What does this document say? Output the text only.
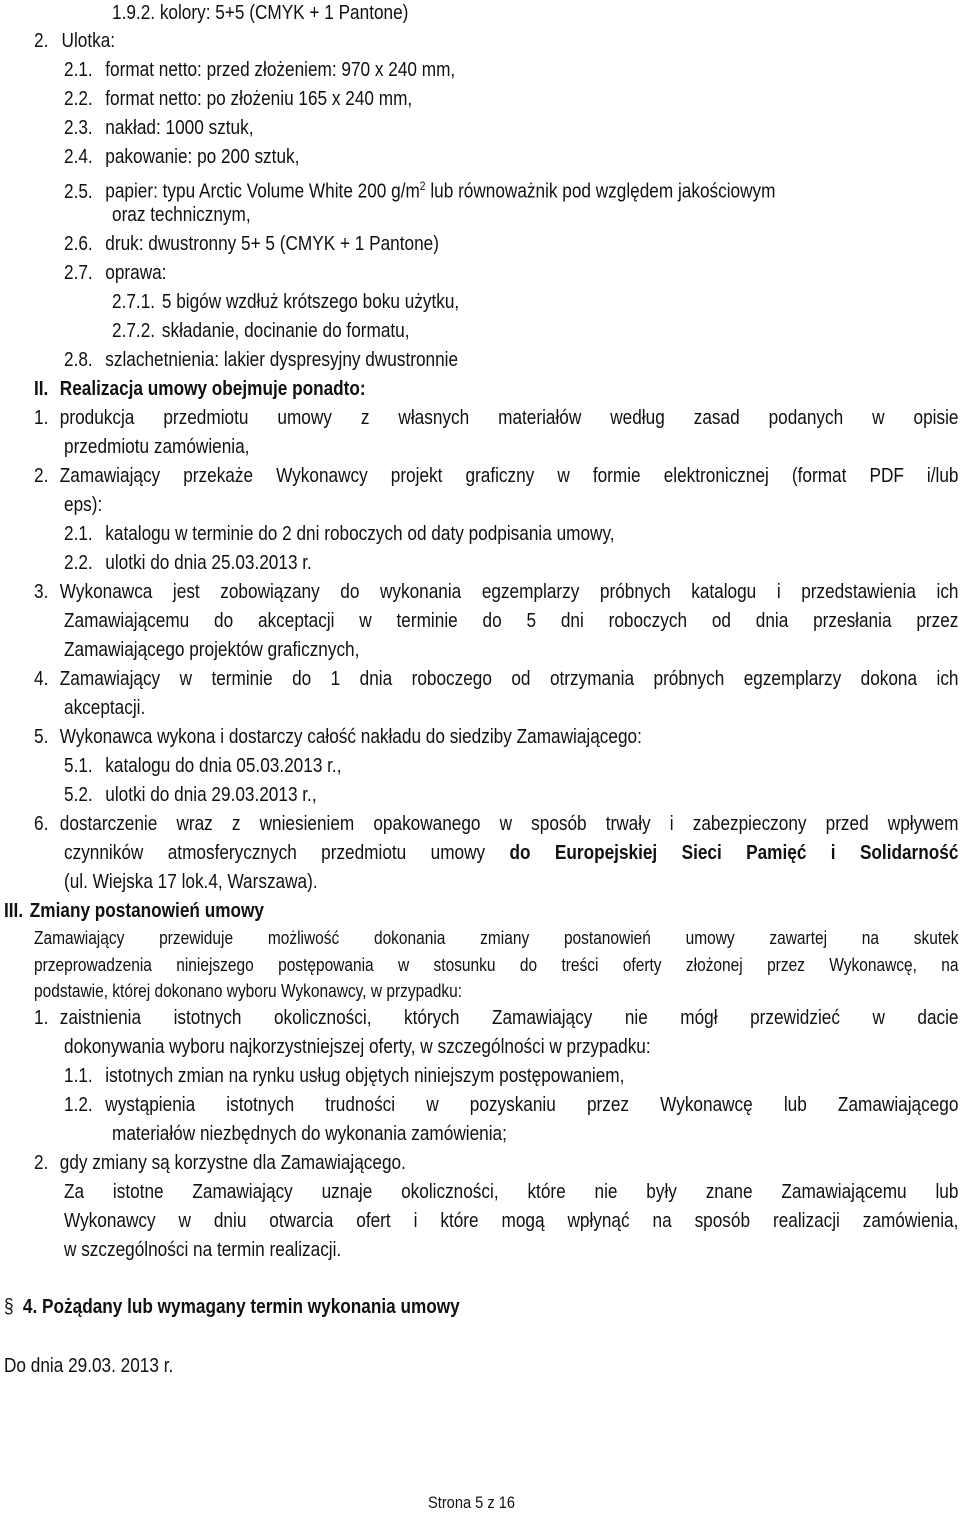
1.9.2. kolory: 5+5 (CMYK + 1 Pantone)
2. Ulotka:
2.1. format netto: przed złożeniem: 970 x 240 mm,
2.2. format netto: po złożeniu 165 x 240 mm,
2.3. nakład: 1000 sztuk,
2.4. pakowanie: po 200 sztuk,
2.5. papier: typu Arctic Volume White 200 $g/m^2$ lub równoważnik pod względem jakościowym
oraz technicznym,
2.6. druk: dwustronny 5+ 5 (CMYK + 1 Pantone)
2.7. oprawa:
2.7.1. 5 bigów wzdłuż krótszego boku użytku,
2.7.2. składanie, docinanie do formatu,
2.8. szlachetnienia: lakier dyspresyjny dwustronnie
II. Realizacja umowy obejmuje ponadto:
1. produkcja przedmiotu umowy z własnych materiałów według zasad podanych w opisie
przedmiotu zamówienia,
2. Zamawiający przekaże Wykonawcy projekt graficzny w formie elektronicznej (format PDF i/lub
eps):
2.1. katalogu w terminie do 2 dni roboczych od daty podpisania umowy,
2.2. ulotki do dnia 25.03.2013 r.
3. Wykonawca jest zobowiązany do wykonania egzemplarzy próbnych katalogu i przedstawienia ich
Zamawiającemu do akceptacji w terminie do 5 dni roboczych od dnia przesłania przez
Zamawiającego projektów graficznych,
4. Zamawiający w terminie do 1 dnia roboczego od otrzymania próbnych egzemplarzy dokona ich
akceptacji.
5. Wykonawca wykona i dostarczy całość nakładu do siedziby Zamawiającego:
5.1. katalogu do dnia 05.03.2013 r.,
5.2. ulotki do dnia 29.03.2013 r.,
6. dostarczenie wraz z wniesieniem opakowanego w sposób trwały i zabezpieczony przed wpływem
czynników atmosferycznych przedmiotu umowy do Europejskiej Sieci Pamięć i Solidarność
(ul. Wiejska 17 lok.4, Warszawa).
III. Zmiany postanowień umowy
Zamawiający przewiduje możliwość dokonania zmiany postanowień umowy zawartej na skutek
przeprowadzenia niniejszego postępowania w stosunku do treści oferty złożonej przez Wykonawcę, na
podstawie, której dokonano wyboru Wykonawcy, w przypadku:
1. zaistnienia istotnych okoliczności, których Zamawiający nie mógł przewidzieć w dacie
dokonywania wyboru najkorzystniejszej oferty, w szczególności w przypadku:
1.1. istotnych zmian na rynku usług objętych niniejszym postępowaniem,
1.2. wystąpienia istotnych trudności w pozyskaniu przez Wykonawcę lub Zamawiającego
materiałów niezbędnych do wykonania zamówienia;
2. gdy zmiany są korzystne dla Zamawiającego.
Za istotne Zamawiający uznaje okoliczności, które nie były znane Zamawiającemu lub
Wykonawcy w dniu otwarcia ofert i które mogą wpłynąć na sposób realizacji zamówienia,
w szczególności na termin realizacji.
§ 4. Pożądany lub wymagany termin wykonania umowy
Do dnia 29.03. 2013 r.
Strona 5 z 16
